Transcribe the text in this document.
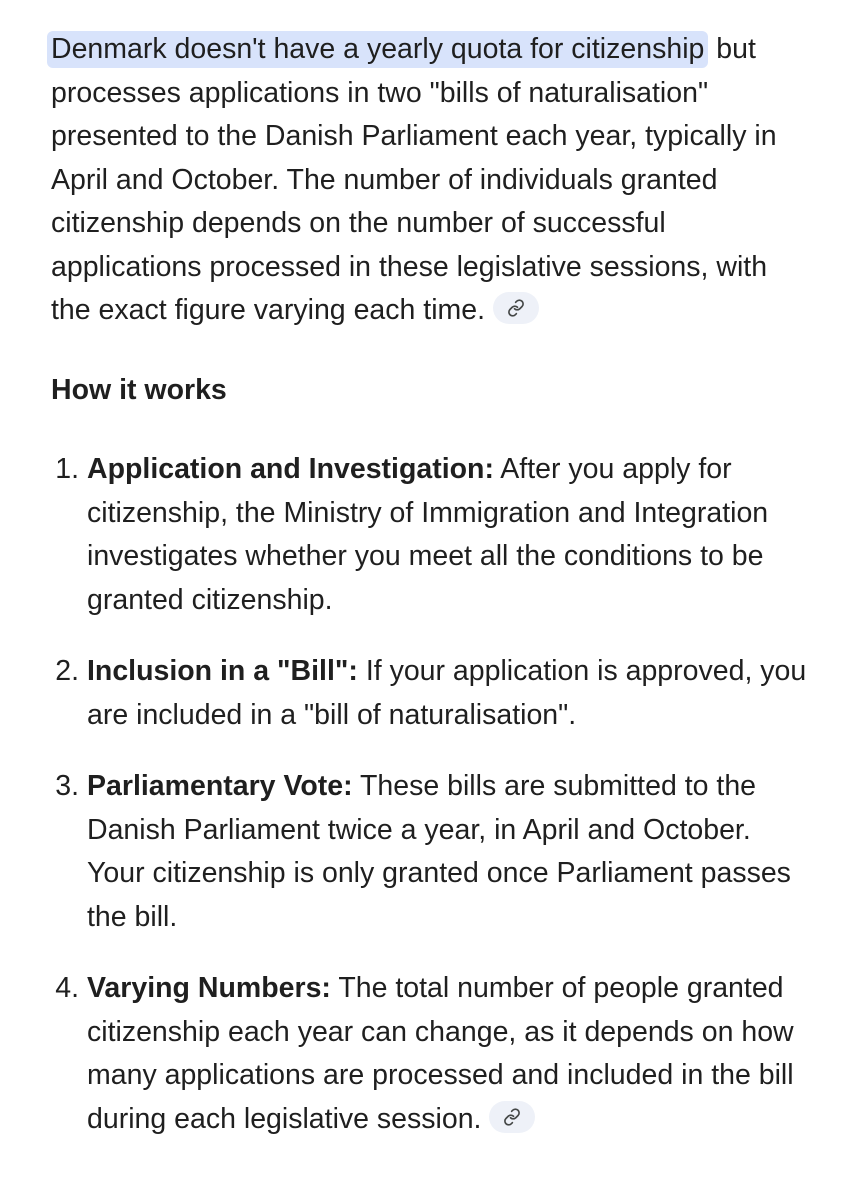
Denmark doesn't have a yearly quota for citizenship but processes applications in two "bills of naturalisation" presented to the Danish Parliament each year, typically in April and October. The number of individuals granted citizenship depends on the number of successful applications processed in these legislative sessions, with the exact figure varying each time.

How it works
1. Application and Investigation: After you apply for citizenship, the Ministry of Immigration and Integration investigates whether you meet all the conditions to be granted citizenship.
2. Inclusion in a "Bill": If your application is approved, you are included in a "bill of naturalisation".
3. Parliamentary Vote: These bills are submitted to the Danish Parliament twice a year, in April and October. Your citizenship is only granted once Parliament passes the bill.
4. Varying Numbers: The total number of people granted citizenship each year can change, as it depends on how many applications are processed and included in the bill during each legislative session.
